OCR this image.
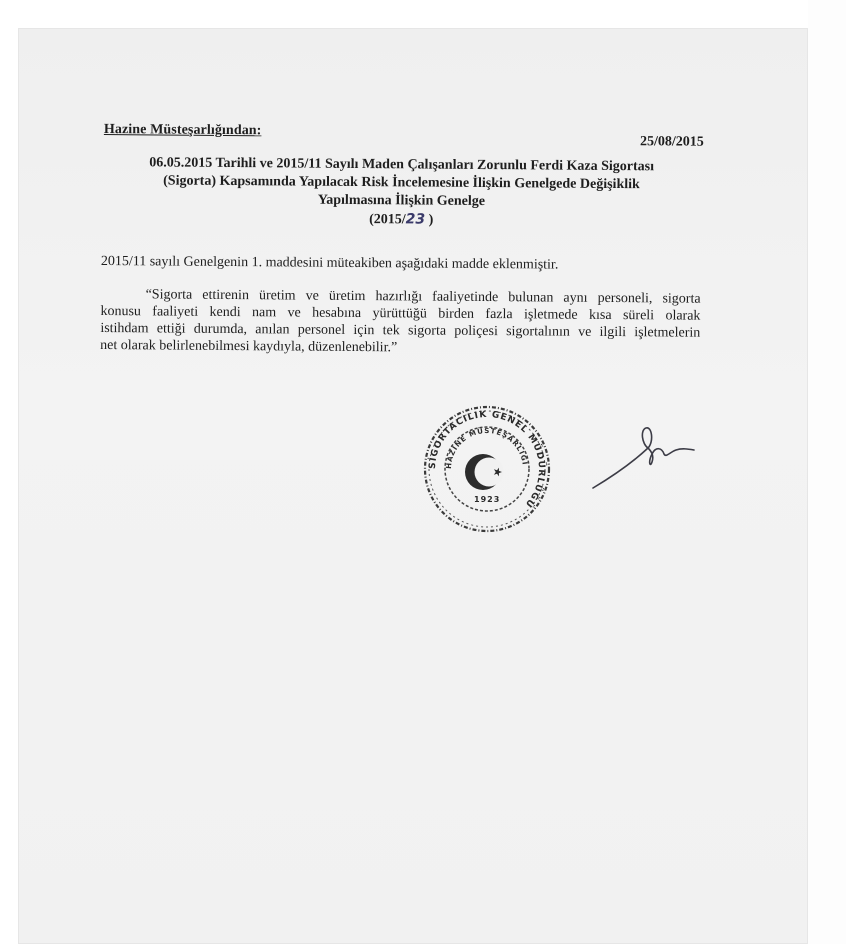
Hazine Müsteşarlığından:
25/08/2015
06.05.2015 Tarihli ve 2015/11 Sayılı Maden Çalışanları Zorunlu Ferdi Kaza Sigortası
(Sigorta) Kapsamında Yapılacak Risk İncelemesine İlişkin Genelgede Değişiklik
Yapılmasına İlişkin Genelge
(2015/23 )
2015/11 sayılı Genelgenin 1. maddesini müteakiben aşağıdaki madde eklenmiştir.
“Sigorta ettirenin üretim ve üretim hazırlığı faaliyetinde bulunan aynı personeli, sigorta
konusu faaliyeti kendi nam ve hesabına yürüttüğü birden fazla işletmede kısa süreli olarak
istihdam ettiği durumda, anılan personel için tek sigorta poliçesi sigortalının ve ilgili işletmelerin
net olarak belirlenebilmesi kaydıyla, düzenlenebilir.”
SİGORTACILIK GENEL MÜDÜRLÜĞÜ
HAZİNE MÜSTEŞARLIĞI
1923
